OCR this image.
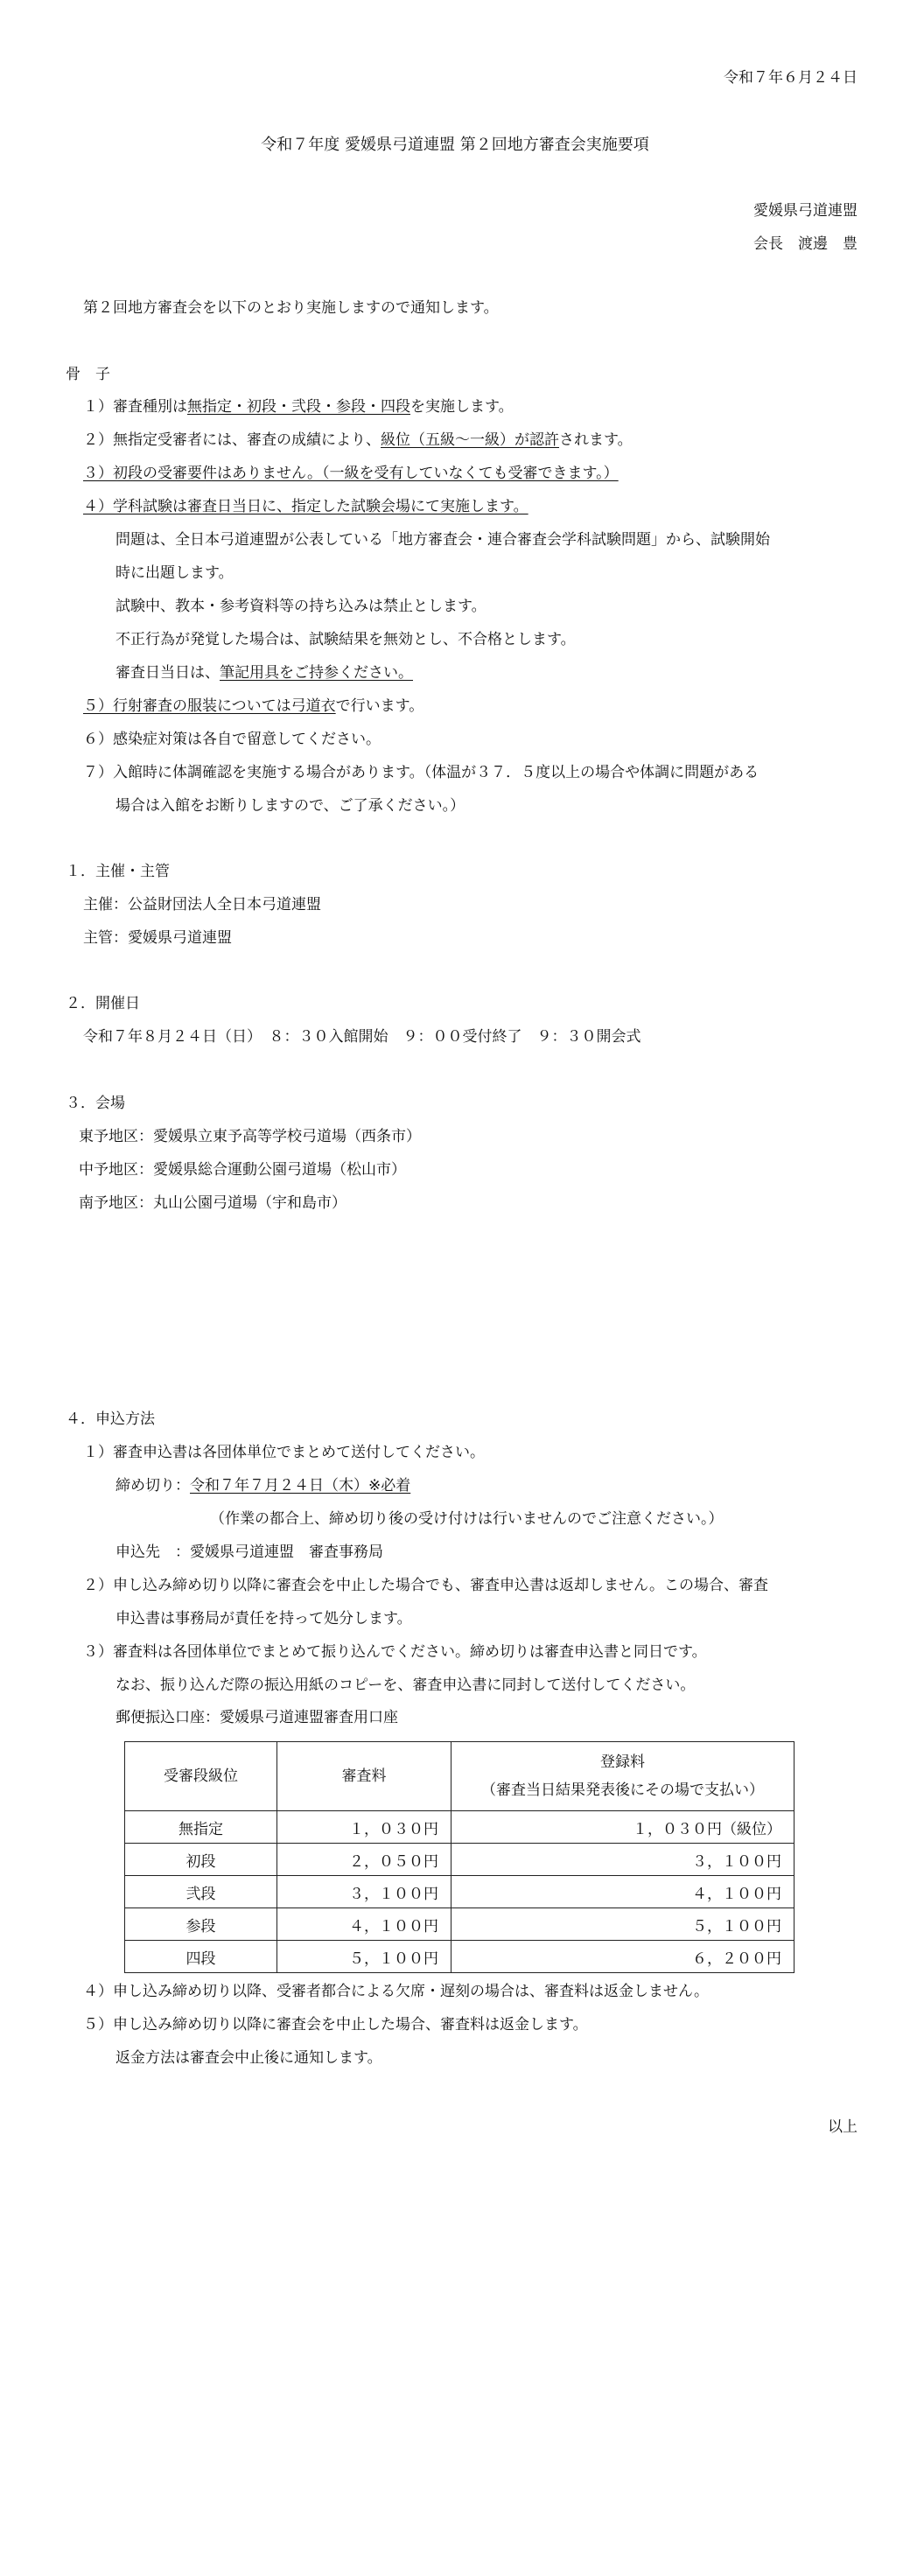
令和７年６月２４日
令和７年度 愛媛県弓道連盟 第２回地方審査会実施要項
愛媛県弓道連盟
会長　渡邊　豊
第２回地方審査会を以下のとおり実施しますので通知します。
骨　子
１）審査種別は無指定・初段・弐段・参段・四段を実施します。
２）無指定受審者には、審査の成績により、級位（五級～一級）が認許されます。
３）初段の受審要件はありません。（一級を受有していなくても受審できます。）
４）学科試験は審査日当日に、指定した試験会場にて実施します。
問題は、全日本弓道連盟が公表している「地方審査会・連合審査会学科試験問題」から、試験開始
時に出題します。
試験中、教本・参考資料等の持ち込みは禁止とします。
不正行為が発覚した場合は、試験結果を無効とし、不合格とします。
審査日当日は、筆記用具をご持参ください。
５）行射審査の服装については弓道衣で行います。
６）感染症対策は各自で留意してください。
７）入館時に体調確認を実施する場合があります。（体温が３７．５度以上の場合や体調に問題がある
場合は入館をお断りしますので、ご了承ください。）
１．主催・主管
主催：公益財団法人全日本弓道連盟
主管：愛媛県弓道連盟
２．開催日
令和７年８月２４日（日）　８：３０入館開始　９：００受付終了　９：３０開会式
３．会場
東予地区：愛媛県立東予高等学校弓道場（西条市）
中予地区：愛媛県総合運動公園弓道場（松山市）
南予地区：丸山公園弓道場（宇和島市）
４．申込方法
１）審査申込書は各団体単位でまとめて送付してください。
締め切り：令和７年７月２４日（木）※必着
（作業の都合上、締め切り後の受け付けは行いませんのでご注意ください。）
申込先　：愛媛県弓道連盟　審査事務局
２）申し込み締め切り以降に審査会を中止した場合でも、審査申込書は返却しません。この場合、審査
申込書は事務局が責任を持って処分します。
３）審査料は各団体単位でまとめて振り込んでください。締め切りは審査申込書と同日です。
なお、振り込んだ際の振込用紙のコピーを、審査申込書に同封して送付してください。
郵便振込口座：愛媛県弓道連盟審査用口座
受審段級位	審査料	登録料
（審査当日結果発表後にその場で支払い）
無指定	１，０３０円	１，０３０円（級位）
初段	２，０５０円	３，１００円
弐段	３，１００円	４，１００円
参段	４，１００円	５，１００円
四段	５，１００円	６，２００円
４）申し込み締め切り以降、受審者都合による欠席・遅刻の場合は、審査料は返金しません。
５）申し込み締め切り以降に審査会を中止した場合、審査料は返金します。
返金方法は審査会中止後に通知します。
以上
